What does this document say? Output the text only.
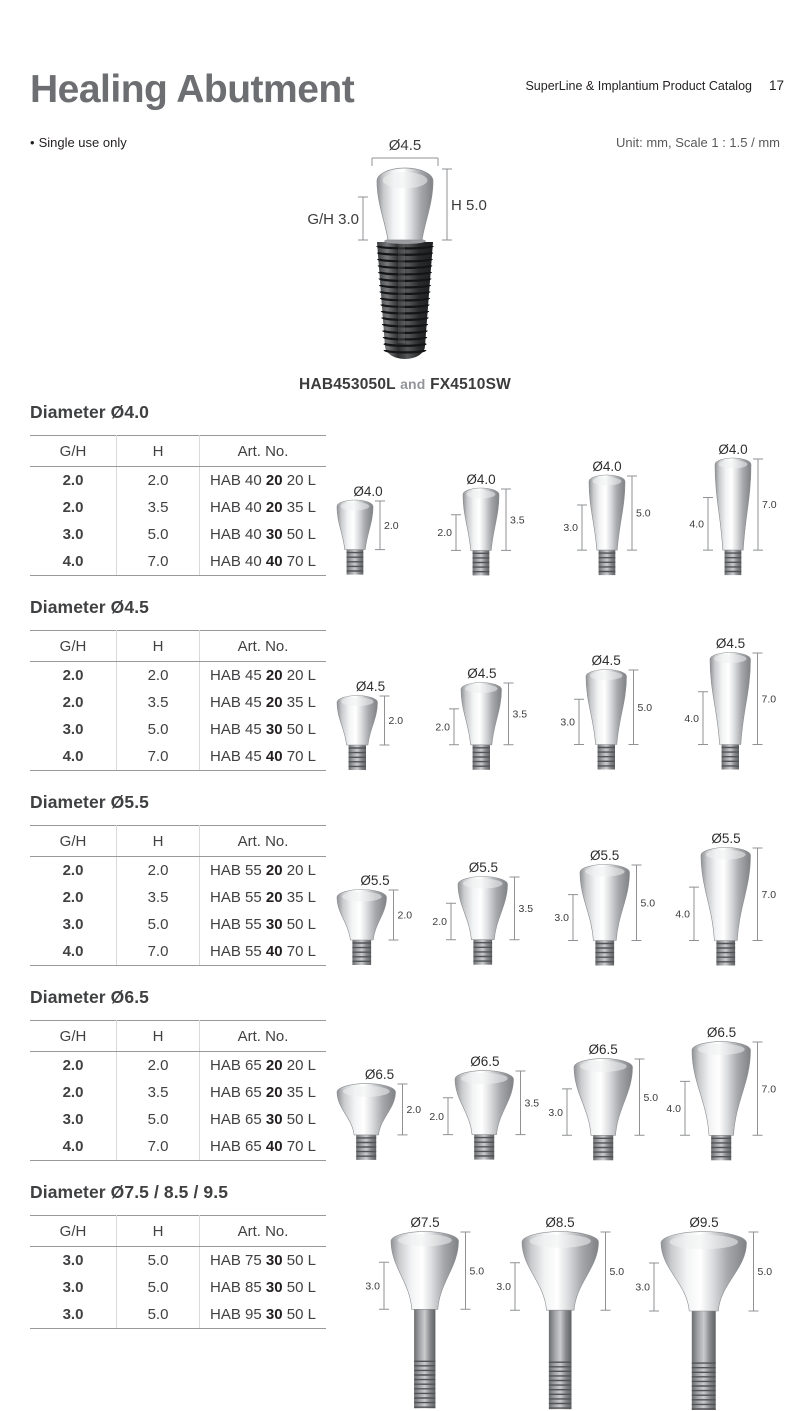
SuperLine & Implantium Product Catalog 17
Healing Abutment
• Single use only	Unit: mm, Scale 1 : 1.5 / mm
Ø4.5
H 5.0
G/H 3.0
HAB453050L and FX4510SW
Diameter Ø4.0
G/H	H	Art. No.
2.0	2.0	HAB 40 20 20 L
2.0	3.5	HAB 40 20 35 L
3.0	5.0	HAB 40 30 50 L
4.0	7.0	HAB 40 40 70 L
Ø4.0
2.0
Ø4.0
3.5
2.0
Ø4.0
5.0
3.0
Ø4.0
7.0
4.0
Diameter Ø4.5
G/H	H	Art. No.
2.0	2.0	HAB 45 20 20 L
2.0	3.5	HAB 45 20 35 L
3.0	5.0	HAB 45 30 50 L
4.0	7.0	HAB 45 40 70 L
Ø4.5
2.0
Ø4.5
3.5
2.0
Ø4.5
5.0
3.0
Ø4.5
7.0
4.0
Diameter Ø5.5
G/H	H	Art. No.
2.0	2.0	HAB 55 20 20 L
2.0	3.5	HAB 55 20 35 L
3.0	5.0	HAB 55 30 50 L
4.0	7.0	HAB 55 40 70 L
Ø5.5
2.0
Ø5.5
3.5
2.0
Ø5.5
5.0
3.0
Ø5.5
7.0
4.0
Diameter Ø6.5
G/H	H	Art. No.
2.0	2.0	HAB 65 20 20 L
2.0	3.5	HAB 65 20 35 L
3.0	5.0	HAB 65 30 50 L
4.0	7.0	HAB 65 40 70 L
Ø6.5
2.0
Ø6.5
3.5
2.0
Ø6.5
5.0
3.0
Ø6.5
7.0
4.0
Diameter Ø7.5 / 8.5 / 9.5
G/H	H	Art. No.
3.0	5.0	HAB 75 30 50 L
3.0	5.0	HAB 85 30 50 L
3.0	5.0	HAB 95 30 50 L
Ø7.5
5.0
3.0
Ø8.5
5.0
3.0
Ø9.5
5.0
3.0
